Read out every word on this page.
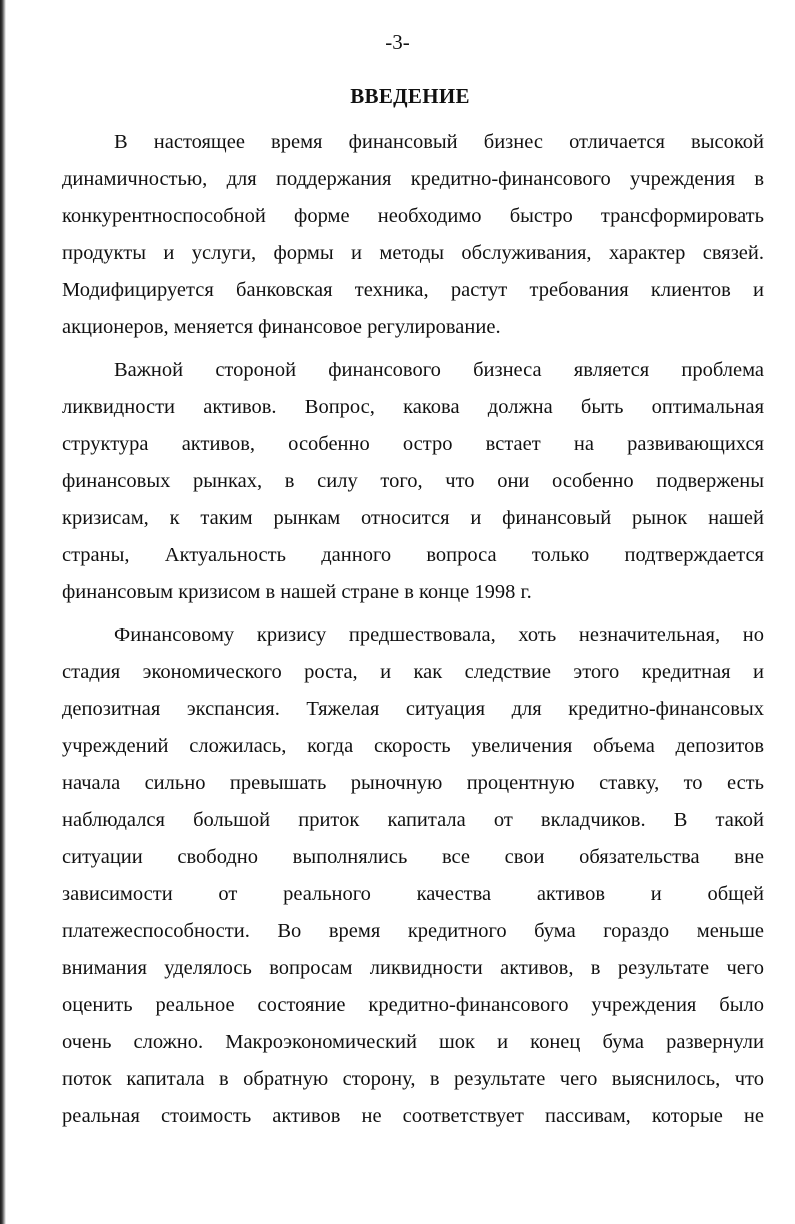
-3-
ВВЕДЕНИЕ

В настоящее время финансовый бизнес отличается высокой
динамичностью, для поддержания кредитно-финансового учреждения в
конкурентноспособной форме необходимо быстро трансформировать
продукты и услуги, формы и методы обслуживания, характер связей.
Модифицируется банковская техника, растут требования клиентов и
акционеров, меняется финансовое регулирование.

Важной стороной финансового бизнеса является проблема
ликвидности активов. Вопрос, какова должна быть оптимальная
структура активов, особенно остро встает на развивающихся
финансовых рынках, в силу того, что они особенно подвержены
кризисам, к таким рынкам относится и финансовый рынок нашей
страны, Актуальность данного вопроса только подтверждается
финансовым кризисом в нашей стране в конце 1998 г.

Финансовому кризису предшествовала, хоть незначительная, но
стадия экономического роста, и как следствие этого кредитная и
депозитная экспансия. Тяжелая ситуация для кредитно-финансовых
учреждений сложилась, когда скорость увеличения объема депозитов
начала сильно превышать рыночную процентную ставку, то есть
наблюдался большой приток капитала от вкладчиков. В такой
ситуации свободно выполнялись все свои обязательства вне
зависимости от реального качества активов и общей
платежеспособности. Во время кредитного бума гораздо меньше
внимания уделялось вопросам ликвидности активов, в результате чего
оценить реальное состояние кредитно-финансового учреждения было
очень сложно. Макроэкономический шок и конец бума развернули
поток капитала в обратную сторону, в результате чего выяснилось, что
реальная стоимость активов не соответствует пассивам, которые не
